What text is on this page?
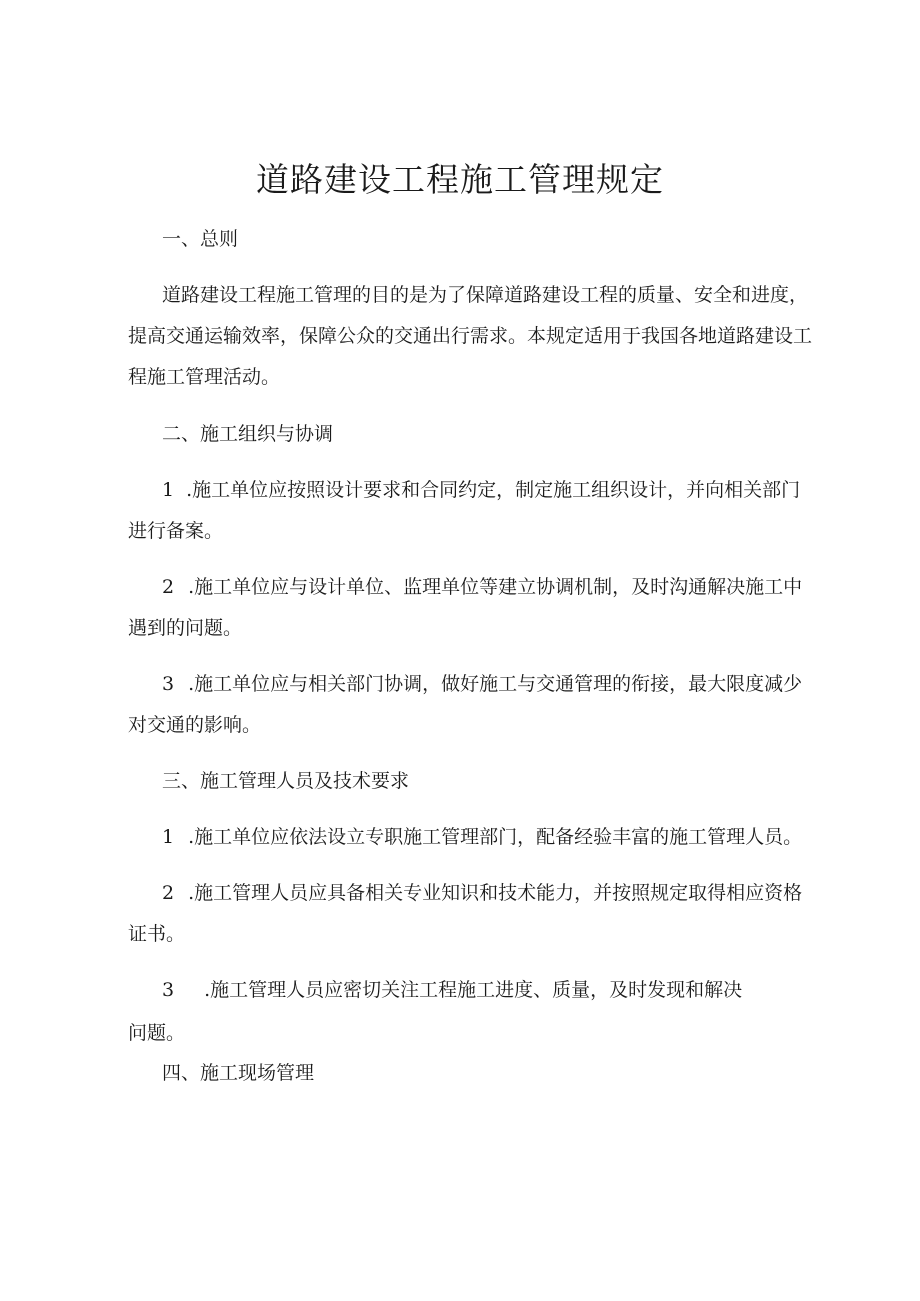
道路建设工程施工管理规定
一、总则
道路建设工程施工管理的目的是为了保障道路建设工程的质量、安全和进度，
提高交通运输效率，保障公众的交通出行需求。本规定适用于我国各地道路建设工
程施工管理活动。
二、施工组织与协调
1 .施工单位应按照设计要求和合同约定，制定施工组织设计，并向相关部门
进行备案。
2 .施工单位应与设计单位、监理单位等建立协调机制，及时沟通解决施工中
遇到的问题。
3 .施工单位应与相关部门协调，做好施工与交通管理的衔接，最大限度减少
对交通的影响。
三、施工管理人员及技术要求
1 .施工单位应依法设立专职施工管理部门，配备经验丰富的施工管理人员。
2 .施工管理人员应具备相关专业知识和技术能力，并按照规定取得相应资格
证书。
3 .施工管理人员应密切关注工程施工进度、质量，及时发现和解决
问题。
四、施工现场管理
